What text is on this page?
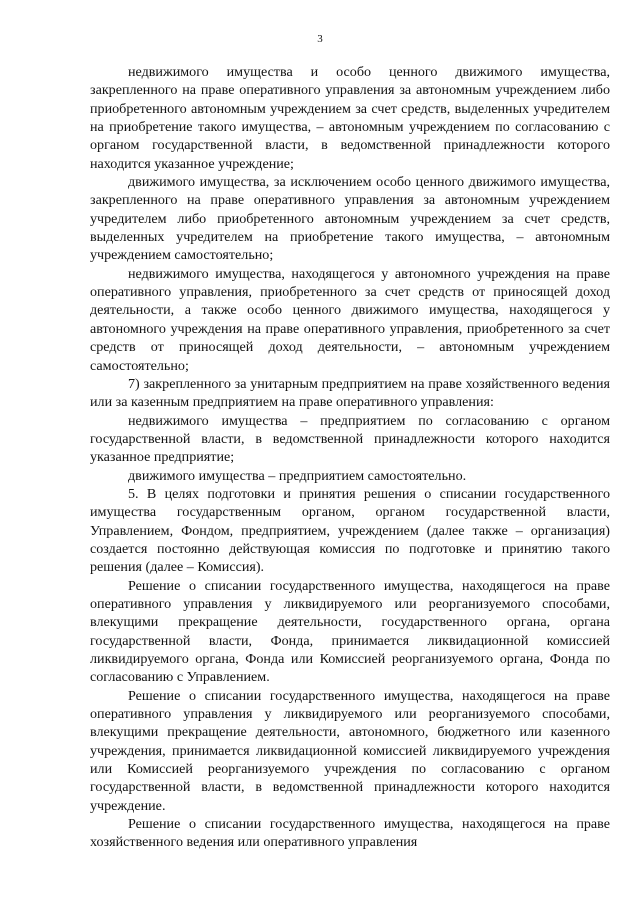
3

недвижимого имущества и особо ценного движимого имущества, закрепленного на праве оперативного управления за автономным учреждением либо приобретенного автономным учреждением за счет средств, выделенных учредителем на приобретение такого имущества, – автономным учреждением по согласованию с органом государственной власти, в ведомственной принадлежности которого находится указанное учреждение;

движимого имущества, за исключением особо ценного движимого имущества, закрепленного на праве оперативного управления за автономным учреждением учредителем либо приобретенного автономным учреждением за счет средств, выделенных учредителем на приобретение такого имущества, – автономным учреждением самостоятельно;

недвижимого имущества, находящегося у автономного учреждения на праве оперативного управления, приобретенного за счет средств от приносящей доход деятельности, а также особо ценного движимого имущества, находящегося у автономного учреждения на праве оперативного управления, приобретенного за счет средств от приносящей доход деятельности, – автономным учреждением самостоятельно;

7) закрепленного за унитарным предприятием на праве хозяйственного ведения или за казенным предприятием на праве оперативного управления:

недвижимого имущества – предприятием по согласованию с органом государственной власти, в ведомственной принадлежности которого находится указанное предприятие;

движимого имущества – предприятием самостоятельно.

5. В целях подготовки и принятия решения о списании государственного имущества государственным органом, органом государственной власти, Управлением, Фондом, предприятием, учреждением (далее также – организация) создается постоянно действующая комиссия по подготовке и принятию такого решения (далее – Комиссия).

Решение о списании государственного имущества, находящегося на праве оперативного управления у ликвидируемого или реорганизуемого способами, влекущими прекращение деятельности, государственного органа, органа государственной власти, Фонда, принимается ликвидационной комиссией ликвидируемого органа, Фонда или Комиссией реорганизуемого органа, Фонда по согласованию с Управлением.

Решение о списании государственного имущества, находящегося на праве оперативного управления у ликвидируемого или реорганизуемого способами, влекущими прекращение деятельности, автономного, бюджетного или казенного учреждения, принимается ликвидационной комиссией ликвидируемого учреждения или Комиссией реорганизуемого учреждения по согласованию с органом государственной власти, в ведомственной принадлежности которого находится учреждение.

Решение о списании государственного имущества, находящегося на праве хозяйственного ведения или оперативного управления
